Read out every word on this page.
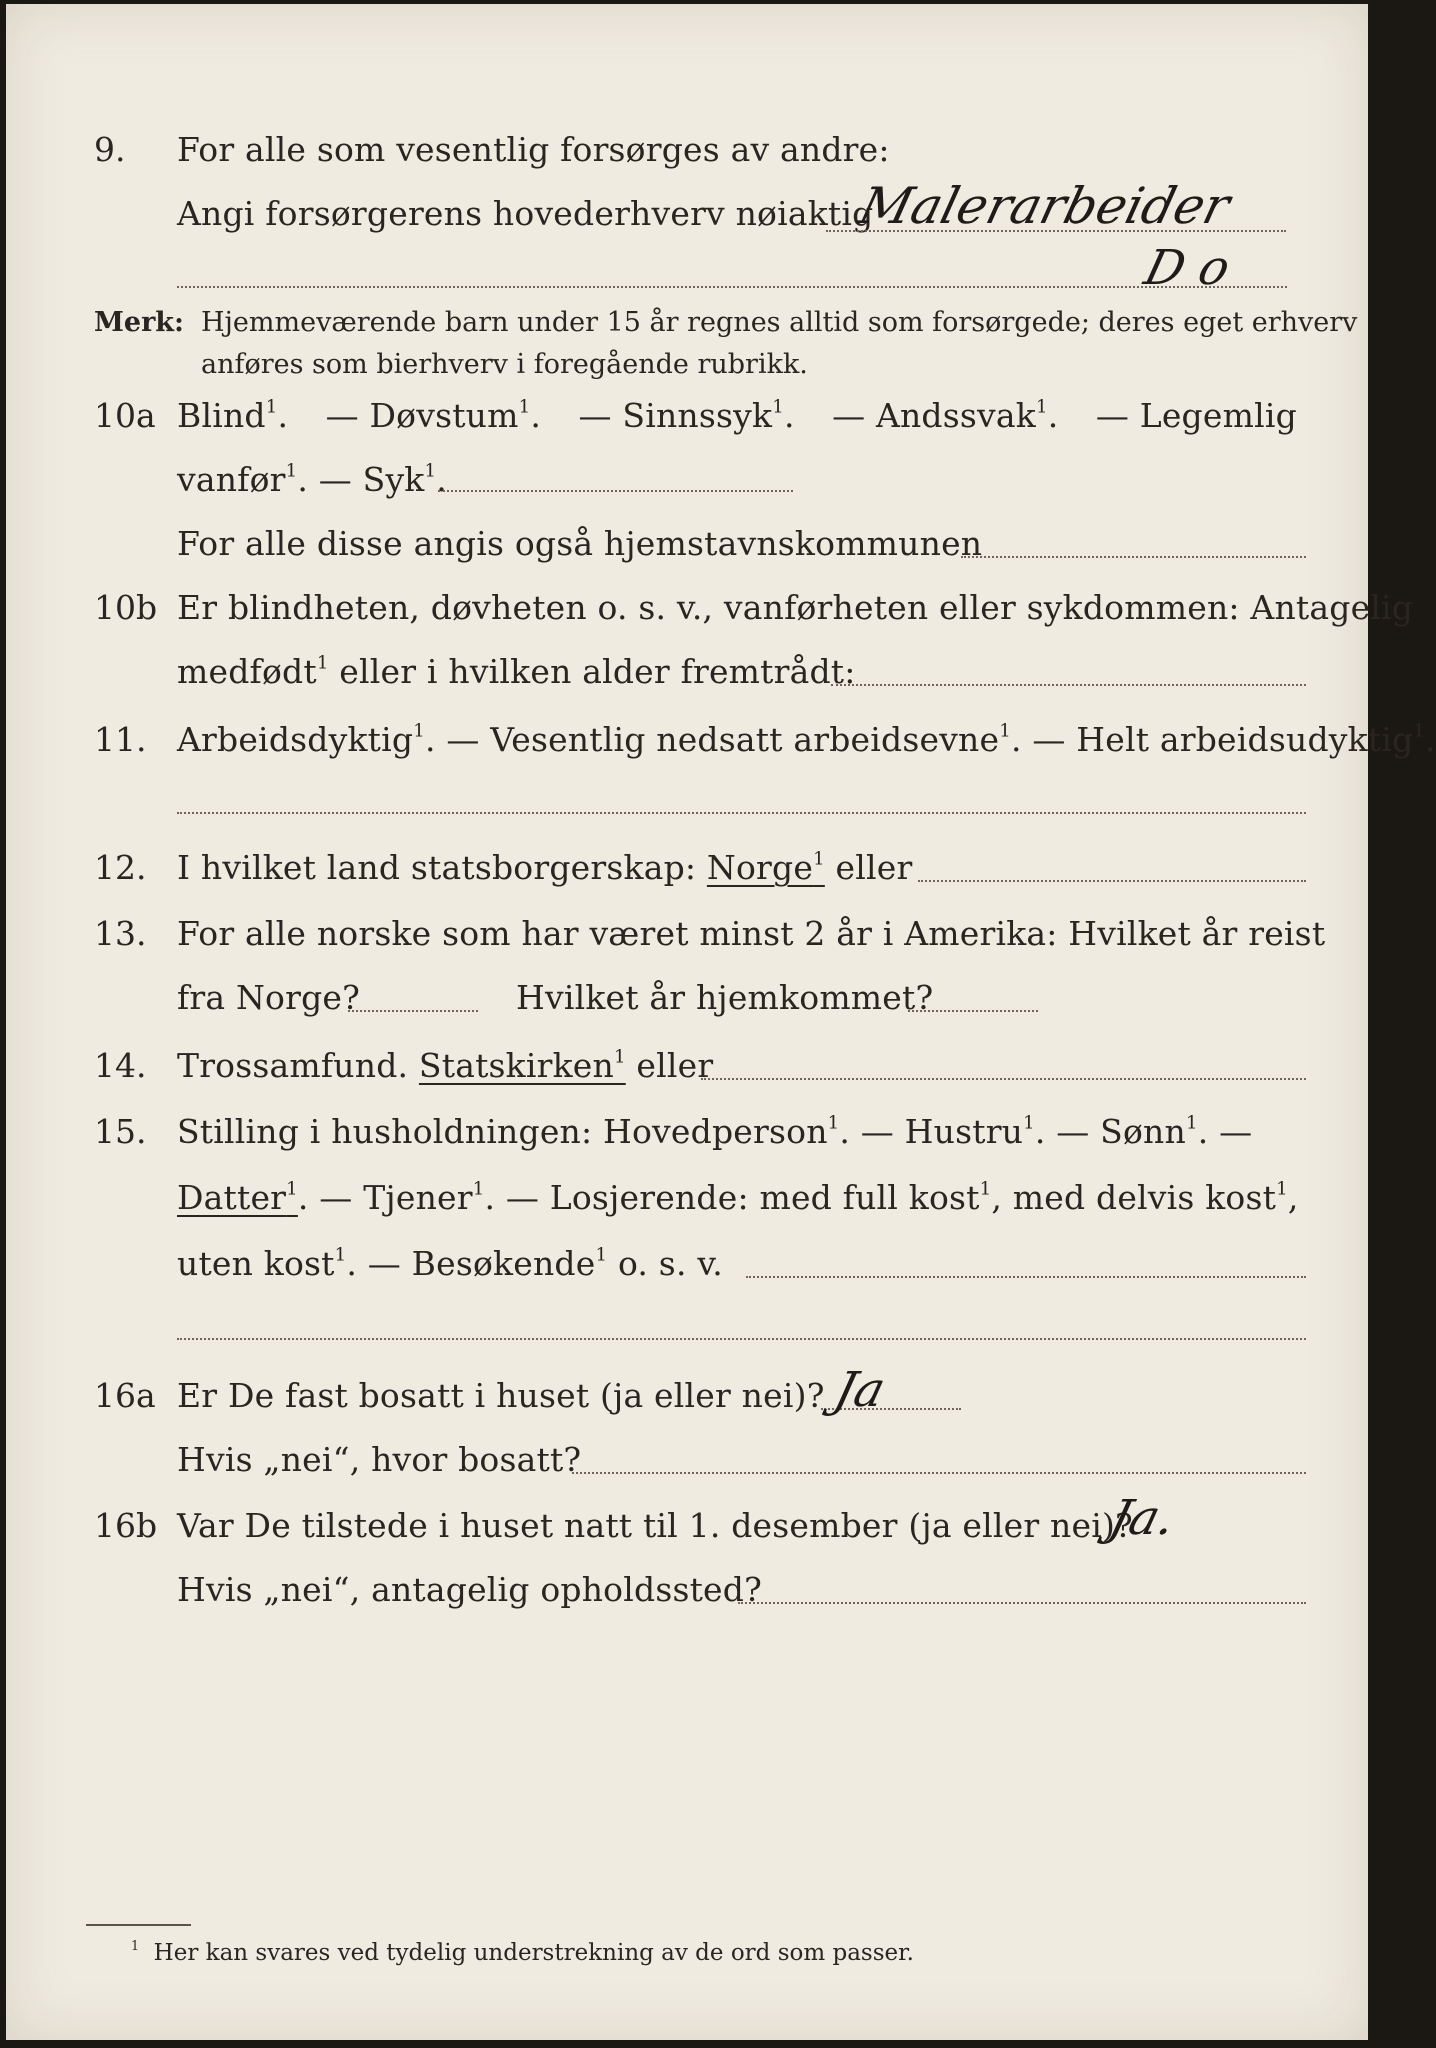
9. For alle som vesentlig forsørges av andre:
Angi forsørgerens hovederhverv nøiaktig
Malerarbeider
D o
Merk: Hjemmeværende barn under 15 år regnes alltid som forsørgede; deres eget erhverv
anføres som bierhverv i foregående rubrikk.
10a Blind$^1$. — Døvstum$^1$. — Sinnssyk$^1$. — Andssvak$^1$. — Legemlig
vanfør$^1$. — Syk$^1$.
For alle disse angis også hjemstavnskommunen
10b Er blindheten, døvheten o. s. v., vanførheten eller sykdommen: Antagelig
medfødt$^1$ eller i hvilken alder fremtrådt:
11. Arbeidsdyktig$^1$. — Vesentlig nedsatt arbeidsevne$^1$. — Helt arbeidsudyktig$^1$.
12. I hvilket land statsborgerskap: Norge$^1$ eller
13. For alle norske som har været minst 2 år i Amerika: Hvilket år reist
fra Norge?	Hvilket år hjemkommet?
14. Trossamfund. Statskirken$^1$ eller
15. Stilling i husholdningen: Hovedperson$^1$. — Hustru$^1$. — Sønn$^1$. —
Datter$^1$. — Tjener$^1$. — Losjerende: med full kost$^1$, med delvis kost$^1$,
uten kost$^1$. — Besøkende$^1$ o. s. v.
16a Er De fast bosatt i huset (ja eller nei)? Ja
Hvis „nei“, hvor bosatt?
16b Var De tilstede i huset natt til 1. desember (ja eller nei)?
Ja.
Hvis „nei“, antagelig opholdssted?
$^1$ Her kan svares ved tydelig understrekning av de ord som passer.
